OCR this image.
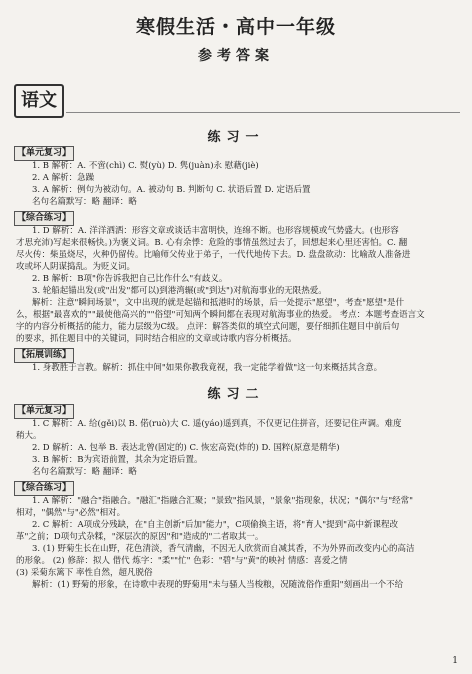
寒假生活・高中一年级
参考答案
语文
练习一
【单元复习】
1. B 解析：A. 不啻(chì) C. 熨(yù) D. 隽(juàn)永 慰藉(jiè)
2. A 解析：急躁
3. A 解析：例句为被动句。A. 被动句 B. 判断句 C. 状语后置 D. 定语后置
名句名篇默写：略 翻译：略
【综合练习】
1. D 解析：A. 洋洋洒洒：形容文章或谈话丰富明快，连绵不断。也形容规模或气势盛大。(也形容
才思充沛)写起来很畅快。)为褒义词。B. 心有余悸：危险的事情虽然过去了，回想起来心里还害怕。C. 翻
尽火传：柴虽烧尽，火种仍留传。比喻师父传业于弟子，一代代地传下去。D. 盘盘欲动：比喻敌人准备进
攻或坏人阴谋捣乱。为贬义词。
2. B 解析：B项"你告诉我把自己比作什么"有歧义。
3. 轮船起锚出发(或"出发"都可以)到港湾辗(或"到达")对航海事业的无限热爱。
解析：注意"瞬间场景"，文中出现的就是起锚和抵港时的场景，后一处提示"愿望"，考查"愿望"是什
么，根据"最喜欢的""最使他高兴的""俗望"可知两个瞬间都在表现对航海事业的热爱。 考点：本题考查语言文
字的内容分析概括的能力，能力层级为C级。 点评：解答类似的填空式问题，要仔细抓住题目中前后句
的要求，抓住题目中的关键词，同时结合相应的文章或诗歌内容分析概括。
【拓展训练】
1. 身教胜于言教。解析：抓住中间"如果你教我竟视，我一定能学着做"这一句来概括其含意。
练习二
【单元复习】
1. C 解析：A. 给(gěi)以 B. 偌(ruò)大 C. 遥(yáo)遥到真，不仅更记住拼音，还要记住声调。难度
稍大。
2. D 解析：A. 包举 B. 表达北曾(固定的) C. 恢宏高瓷(炸的) D. 国粹(原意是精华)
3. B 解析：B为宾语前置，其余为定语后置。
名句名篇默写：略 翻译：略
【综合练习】
1. A 解析："融合"指融合。"融汇"指融合汇聚；"景致"指风景，"景象"指现象，状况；"偶尔"与"经常"
相对，"偶然"与"必然"相对。
2. C 解析：A项成分残缺，在"自主创新"后加"能力"，C项偷换主语，将"育人"提到"高中新课程改
革"之前；D项句式杂糅，"深层次的原因"和"造成的"二者取其一。
3. (1) 野菊生长在山野，花色清淡，香气清幽，不因无人欣赏而自减其香，不为外界而改变内心的高洁
的形象。 (2) 修辞：拟人 借代 炼字："柔""忙" 色彩："碧"与"黄"的映衬 情感：喜爱之情
(3) 采菊东篱下 率性自然，超凡脱俗
解析：(1) 野菊的形象，在诗歌中表现的野菊用"未与骚人当梭粮，况随流俗作重阳"刻画出一个不给
1
